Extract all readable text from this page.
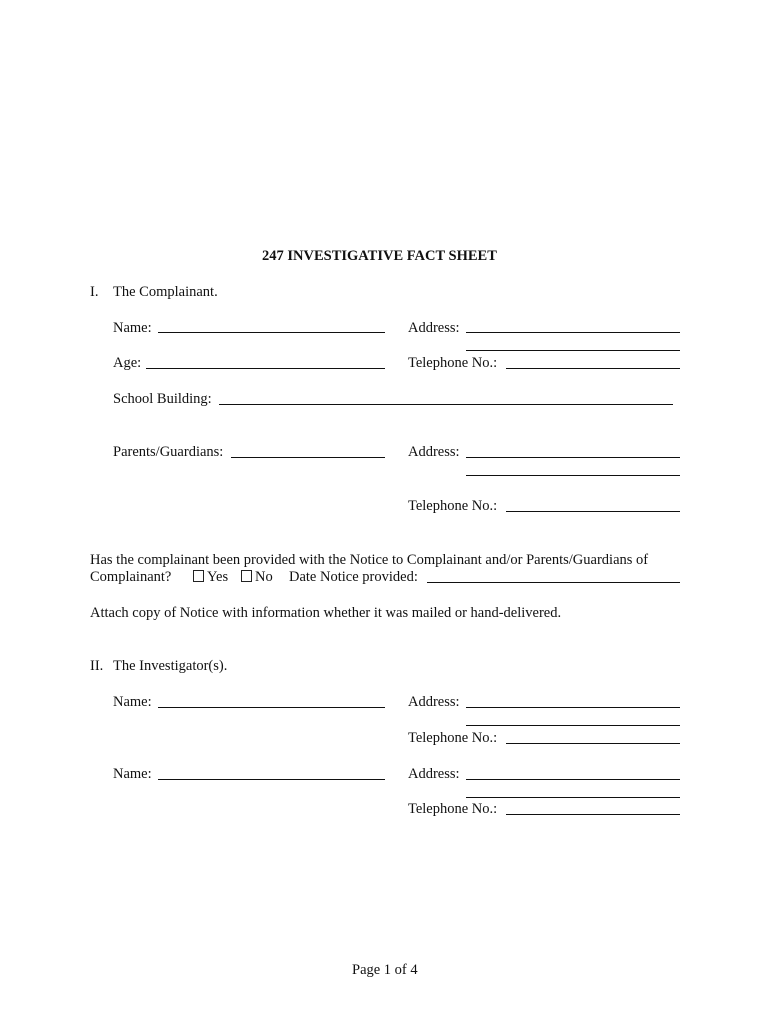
247 INVESTIGATIVE FACT SHEET
I. The Complainant.
Name:	Address:
Age:	Telephone No.:
School Building:
Parents/Guardians:	Address:
Telephone No.:
Has the complainant been provided with the Notice to Complainant and/or Parents/Guardians of
Complainant?	Yes	No Date Notice provided:
Attach copy of Notice with information whether it was mailed or hand-delivered.
II. The Investigator(s).
Name:	Address:
Telephone No.:
Name:	Address:
Telephone No.:
Page 1 of 4
